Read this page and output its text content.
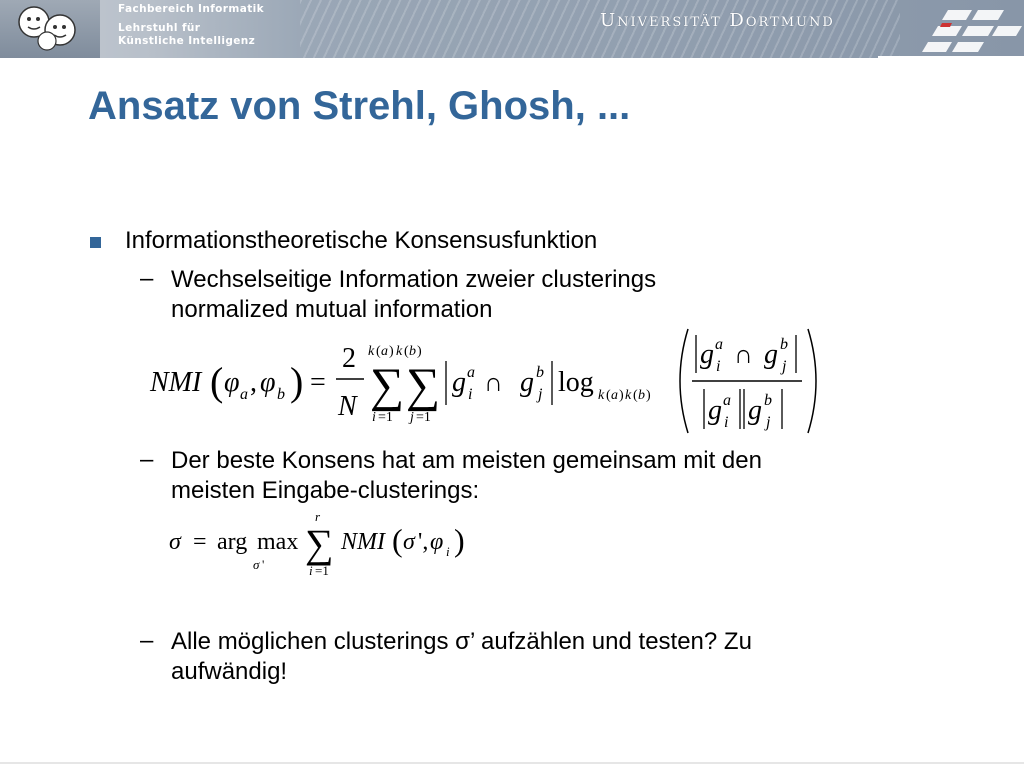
Fachbereich Informatik
Lehrstuhl für
Künstliche Intelligenz
Universität Dortmund
Ansatz von Strehl, Ghosh, ...
Informationstheoretische Konsensusfunktion
– Wechselseitige Information zweier clusterings
normalized mutual information
NMI ( φ a , φ b ) =
2
N
k ( a )
∑
i =1
k ( b )
∑
j =1
g a
i ∩ g b
j log k ( a ) k ( b )
g a
i ∩ g b
j
g a
i g b
j
– Der beste Konsens hat am meisten gemeinsam mit den
meisten Eingabe-clusterings:
σ = arg max
σ '
r
∑
i =1
NMI ( σ ', φ i )
– Alle möglichen clusterings σ’ aufzählen und testen? Zu
aufwändig!
